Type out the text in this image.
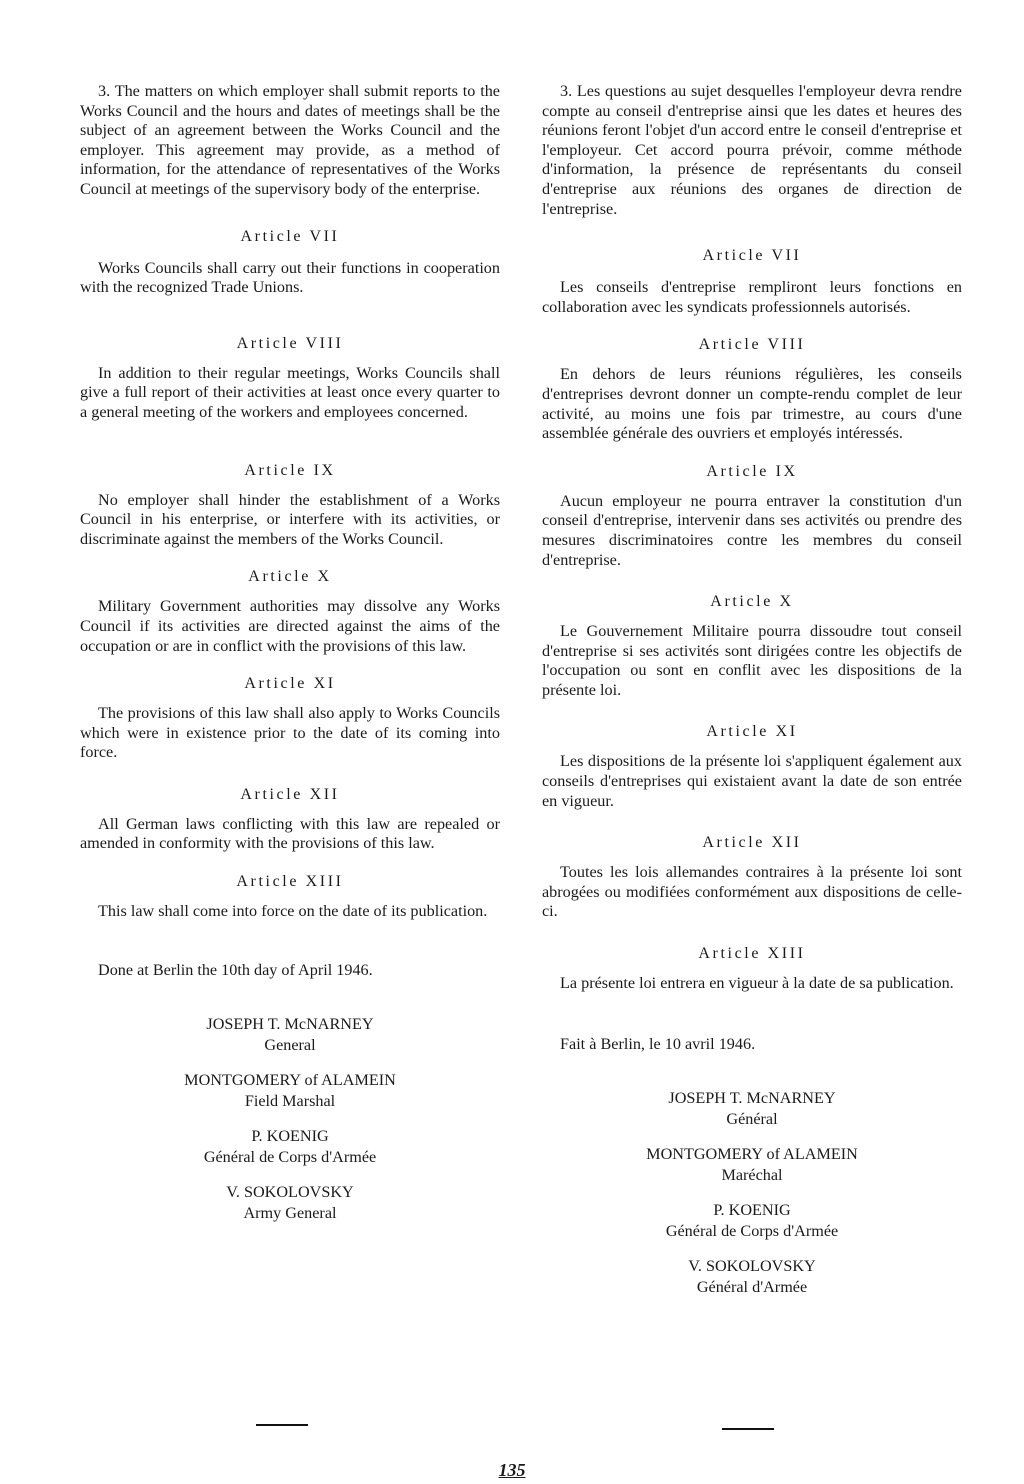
3. The matters on which employer shall submit reports to the Works Council and the hours and dates of meetings shall be the subject of an agreement between the Works Council and the employer. This agreement may provide, as a method of information, for the attendance of representatives of the Works Council at meetings of the supervisory body of the enterprise.

Article VII

Works Councils shall carry out their functions in cooperation with the recognized Trade Unions.

Article VIII

In addition to their regular meetings, Works Councils shall give a full report of their activities at least once every quarter to a general meeting of the workers and employees concerned.

Article IX

No employer shall hinder the establishment of a Works Council in his enterprise, or interfere with its activities, or discriminate against the members of the Works Council.

Article X

Military Government authorities may dissolve any Works Council if its activities are directed against the aims of the occupation or are in conflict with the provisions of this law.

Article XI

The provisions of this law shall also apply to Works Councils which were in existence prior to the date of its coming into force.

Article XII

All German laws conflicting with this law are repealed or amended in conformity with the provisions of this law.

Article XIII

This law shall come into force on the date of its publication.

Done at Berlin the 10th day of April 1946.
JOSEPH T. McNARNEY
General
MONTGOMERY of ALAMEIN
Field Marshal
P. KOENIG
Général de Corps d'Armée
V. SOKOLOVSKY
Army General

3. Les questions au sujet desquelles l'employeur devra rendre compte au conseil d'entreprise ainsi que les dates et heures des réunions feront l'objet d'un accord entre le conseil d'entreprise et l'employeur. Cet accord pourra prévoir, comme méthode d'information, la présence de représentants du conseil d'entreprise aux réunions des organes de direction de l'entreprise.

Article VII

Les conseils d'entreprise rempliront leurs fonctions en collaboration avec les syndicats professionnels autorisés.

Article VIII

En dehors de leurs réunions régulières, les conseils d'entreprises devront donner un compte-rendu complet de leur activité, au moins une fois par trimestre, au cours d'une assemblée générale des ouvriers et employés intéressés.

Article IX

Aucun employeur ne pourra entraver la constitution d'un conseil d'entreprise, intervenir dans ses activités ou prendre des mesures discriminatoires contre les membres du conseil d'entreprise.

Article X

Le Gouvernement Militaire pourra dissoudre tout conseil d'entreprise si ses activités sont dirigées contre les objectifs de l'occupation ou sont en conflit avec les dispositions de la présente loi.

Article XI

Les dispositions de la présente loi s'appliquent également aux conseils d'entreprises qui existaient avant la date de son entrée en vigueur.

Article XII

Toutes les lois allemandes contraires à la présente loi sont abrogées ou modifiées conformément aux dispositions de celle-ci.

Article XIII

La présente loi entrera en vigueur à la date de sa publication.

Fait à Berlin, le 10 avril 1946.
JOSEPH T. McNARNEY
Général
MONTGOMERY of ALAMEIN
Maréchal
P. KOENIG
Général de Corps d'Armée
V. SOKOLOVSKY
Général d'Armée
135
